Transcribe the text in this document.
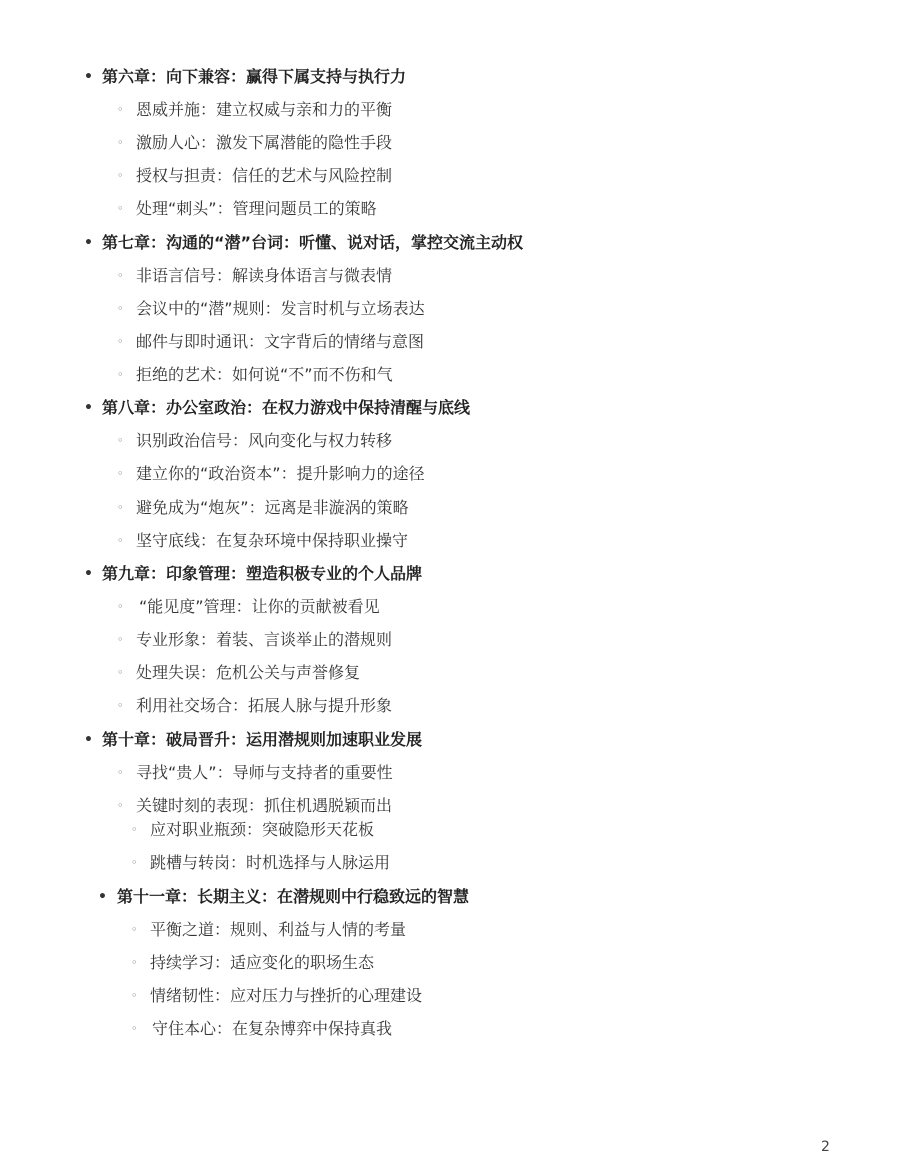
• 第六章：向下兼容：赢得下属支持与执行力
◦ 恩威并施：建立权威与亲和力的平衡
◦ 激励人心：激发下属潜能的隐性手段
◦ 授权与担责：信任的艺术与风险控制
◦ 处理“刺头”：管理问题员工的策略
• 第七章：沟通的“潜”台词：听懂、说对话，掌控交流主动权
◦ 非语言信号：解读身体语言与微表情
◦ 会议中的“潜”规则：发言时机与立场表达
◦ 邮件与即时通讯：文字背后的情绪与意图
◦ 拒绝的艺术：如何说“不”而不伤和气
• 第八章：办公室政治：在权力游戏中保持清醒与底线
◦ 识别政治信号：风向变化与权力转移
◦ 建立你的“政治资本”：提升影响力的途径
◦ 避免成为“炮灰”：远离是非漩涡的策略
◦ 坚守底线：在复杂环境中保持职业操守
• 第九章：印象管理：塑造积极专业的个人品牌
◦ “能见度”管理：让你的贡献被看见
◦ 专业形象：着装、言谈举止的潜规则
◦ 处理失误：危机公关与声誉修复
◦ 利用社交场合：拓展人脉与提升形象
• 第十章：破局晋升：运用潜规则加速职业发展
◦ 寻找“贵人”：导师与支持者的重要性
◦ 关键时刻的表现：抓住机遇脱颖而出
◦ 应对职业瓶颈：突破隐形天花板
◦ 跳槽与转岗：时机选择与人脉运用
• 第十一章：长期主义：在潜规则中行稳致远的智慧
◦ 平衡之道：规则、利益与人情的考量
◦ 持续学习：适应变化的职场生态
◦ 情绪韧性：应对压力与挫折的心理建设
◦ 守住本心：在复杂博弈中保持真我
2
